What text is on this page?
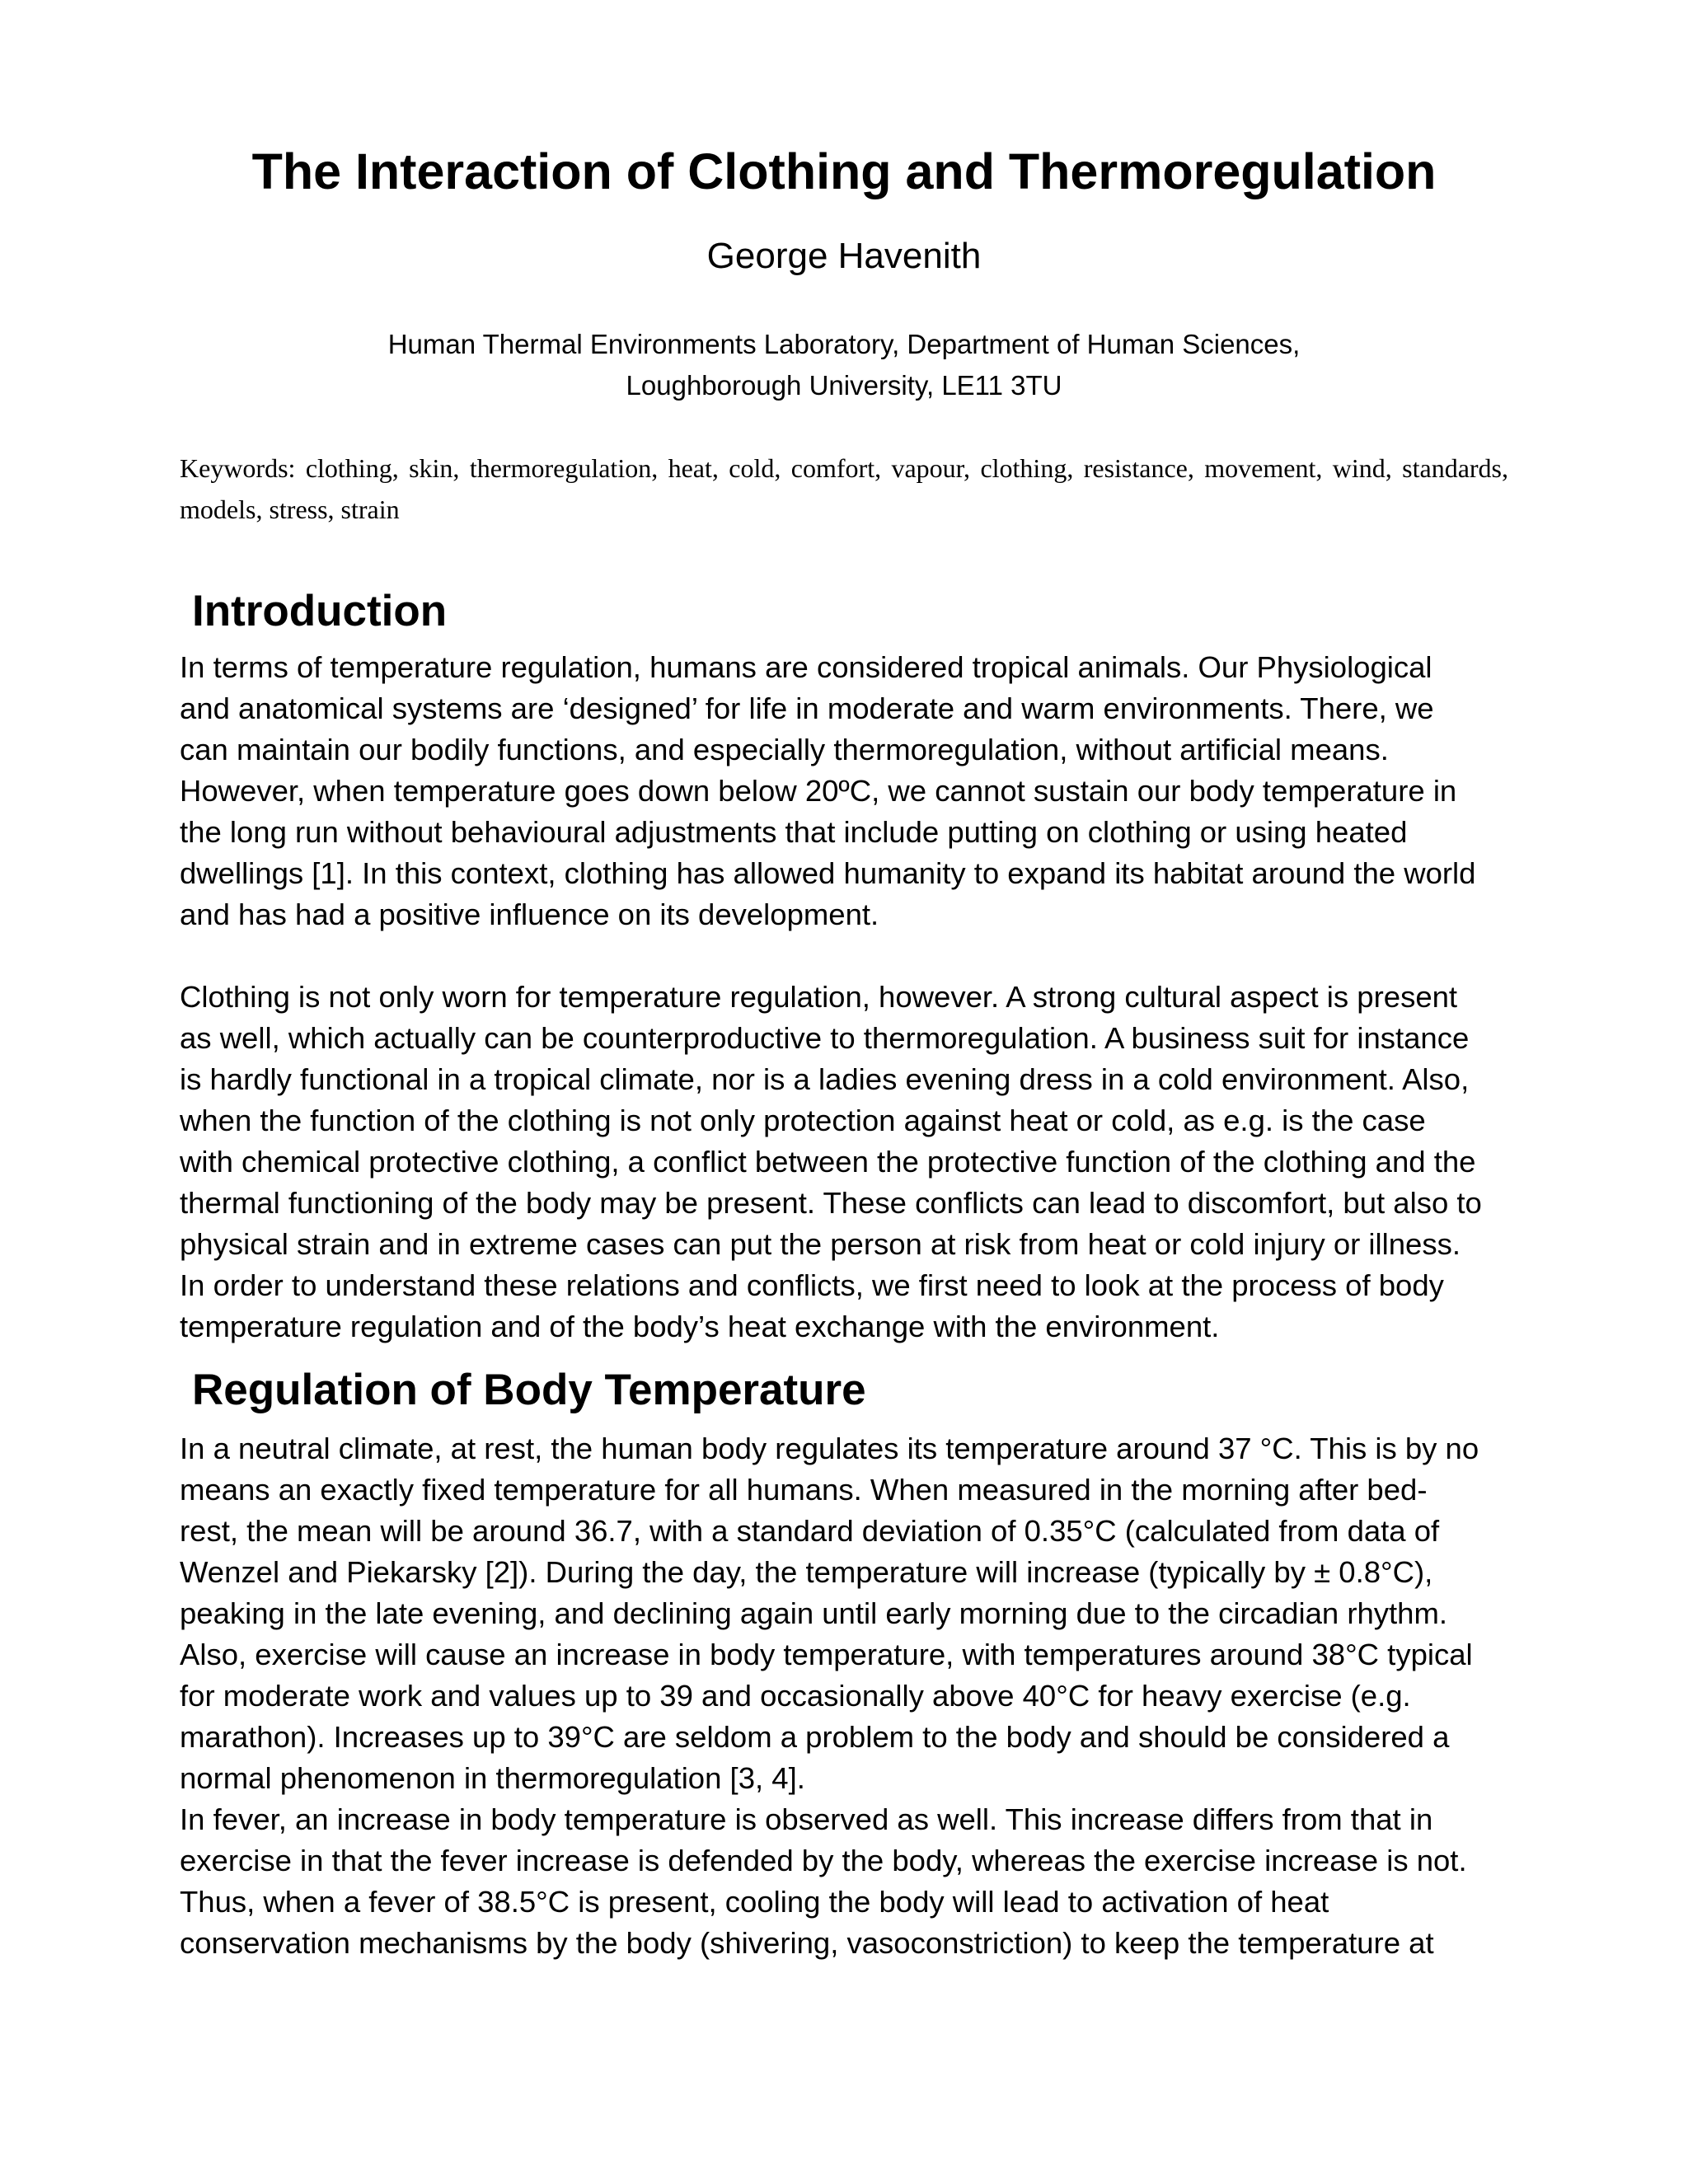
The Interaction of Clothing and Thermoregulation
George Havenith
Human Thermal Environments Laboratory, Department of Human Sciences,
Loughborough University, LE11 3TU

Keywords: clothing, skin, thermoregulation, heat, cold, comfort, vapour, clothing, resistance, movement, wind, standards, models, stress, strain

Introduction
In terms of temperature regulation, humans are considered tropical animals. Our Physiological
and anatomical systems are ‘designed’ for life in moderate and warm environments. There, we
can maintain our bodily functions, and especially thermoregulation, without artificial means.
However, when temperature goes down below 20ºC, we cannot sustain our body temperature in
the long run without behavioural adjustments that include putting on clothing or using heated
dwellings [1]. In this context, clothing has allowed humanity to expand its habitat around the world
and has had a positive influence on its development.
Clothing is not only worn for temperature regulation, however. A strong cultural aspect is present
as well, which actually can be counterproductive to thermoregulation. A business suit for instance
is hardly functional in a tropical climate, nor is a ladies evening dress in a cold environment. Also,
when the function of the clothing is not only protection against heat or cold, as e.g. is the case
with chemical protective clothing, a conflict between the protective function of the clothing and the
thermal functioning of the body may be present. These conflicts can lead to discomfort, but also to
physical strain and in extreme cases can put the person at risk from heat or cold injury or illness.
In order to understand these relations and conflicts, we first need to look at the process of body
temperature regulation and of the body’s heat exchange with the environment.
Regulation of Body Temperature
In a neutral climate, at rest, the human body regulates its temperature around 37 °C. This is by no
means an exactly fixed temperature for all humans. When measured in the morning after bed-
rest, the mean will be around 36.7, with a standard deviation of 0.35°C (calculated from data of
Wenzel and Piekarsky [2]). During the day, the temperature will increase (typically by ± 0.8°C),
peaking in the late evening, and declining again until early morning due to the circadian rhythm.
Also, exercise will cause an increase in body temperature, with temperatures around 38°C typical
for moderate work and values up to 39 and occasionally above 40°C for heavy exercise (e.g.
marathon). Increases up to 39°C are seldom a problem to the body and should be considered a
normal phenomenon in thermoregulation [3, 4].
In fever, an increase in body temperature is observed as well. This increase differs from that in
exercise in that the fever increase is defended by the body, whereas the exercise increase is not.
Thus, when a fever of 38.5°C is present, cooling the body will lead to activation of heat
conservation mechanisms by the body (shivering, vasoconstriction) to keep the temperature at
